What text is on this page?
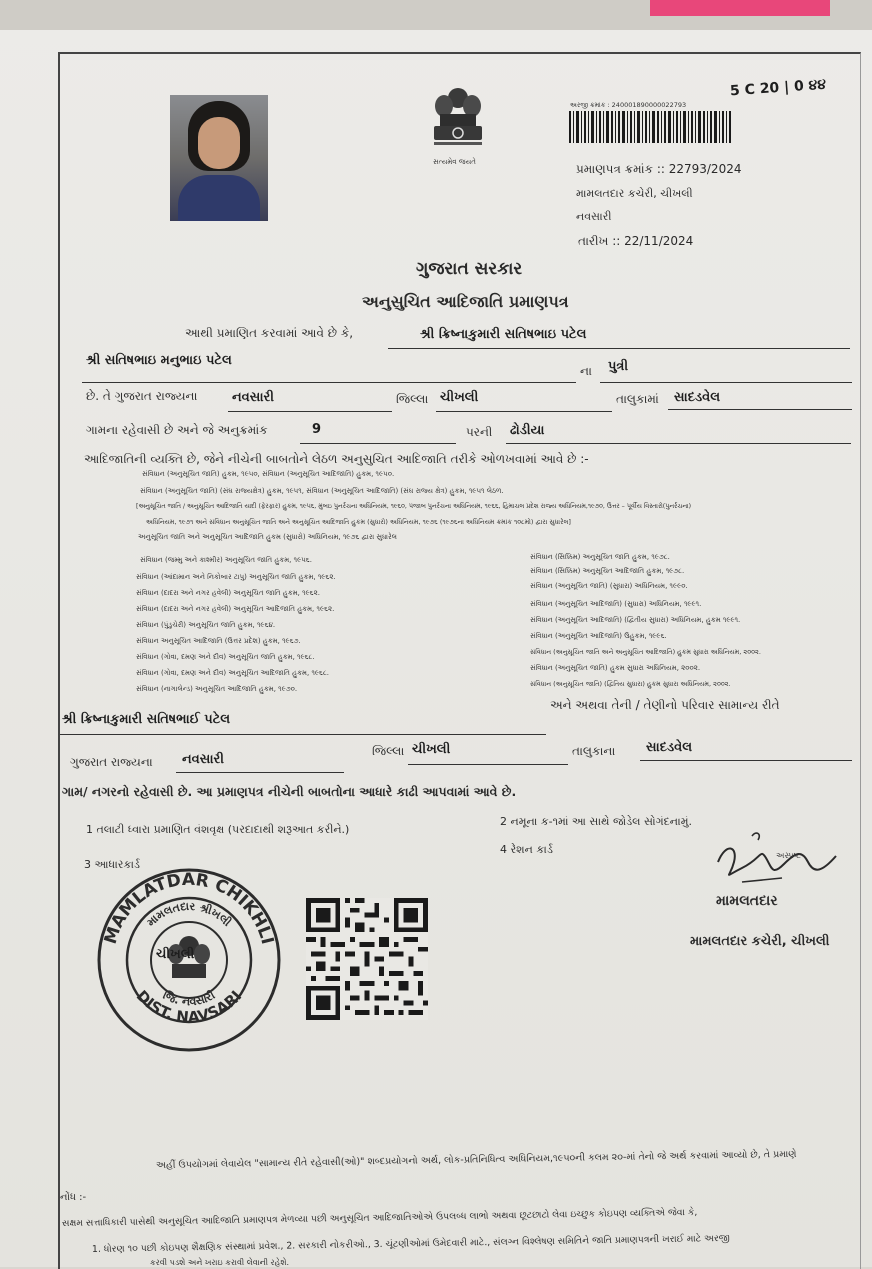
સત્યમેવ જયતે
અરજી ક્રમાંક : 240001890000022793
5 C 20 | 0 ૪૪
પ્રમાણપત્ર ક્રમાંક :: 22793/2024
મામલતદાર કચેરી, ચીખલી
નવસારી
તારીખ :: 22/11/2024
ગુજરાત સરકાર
અનુસુચિત આદિજાતિ પ્રમાણપત્ર
આથી પ્રમાણિત કરવામાં આવે છે કે,	શ્રી ક્રિષ્નાકુમારી સતિષભાઇ પટેલ
શ્રી સતિષભાઇ મનુભાઇ પટેલ
ના પુત્રી
છે. તે ગુજરાત રાજ્યના	નવસારી	જિલ્લા ચીખલી	તાલુકામાં સાદડવેલ
ગામના રહેવાસી છે અને જે અનુક્રમાંક	9	પરની ઢોડીયા
આદિજાતિની વ્યક્તિ છે, જેને નીચેની બાબતોને લેઠળ અનુસુચિત આદિજાતિ તરીકે ઓળખવામાં આવે છે :-
સંવિધાન (અનુસૂચિત જાતિ) હુકમ, ૧૯૫૦, સંવિધાન (અનુસૂચિત આદિજાતિ) હુકમ, ૧૯૫૦.
સંવિધાન (અનુસૂચિત જાતિ) (સંઘ રાજ્યક્ષેત્ર) હુકમ, ૧૯૫૧, સંવિધાન (અનુસૂચિત આદિજાતિ) (સંઘ રાજ્ય ક્ષેત્ર) હુકમ, ૧૯૫૧ લેઠળ.
[અનુસૂચિત જાતિ / અનુસૂચિત આદિજાતિ યાદી (ફેરફાર) હુકમ, ૧૯૫૬, મુંબઇ પુનર્રચના અધિનિયમ, ૧૯૬૦, પંજાબ પુનર્રચના અધિનિયમ, ૧૯૬૬, હિમાચલ પ્રદેશ રાજ્ય અધિનિયમ,૧૯૭૦, ઉત્તર – પૂર્વીય વિસ્તારો(પુનર્રચના)
અધિનિયમ, ૧૯૭૧ અને સંવિધાન અનુસૂચિત જાતિ અને અનુસૂચિત આદિજાતિ હુકમ (સુધારો) અધિનિયમ, ૧૯૭૬ (૧૯૭૬ના અધિનિયમ ક્રમાંક ૧૦૮મો) દ્વારા સુધારેલ]
અનુસૂચિત જાતિ અને અનુસૂચિત આદિજાતિ હુકમ (સુધારો) અધિનિયમ, ૧૯૭૬ દ્વારા સુધારેલ
સંવિધાન (જમ્મુ અને કાશ્મીર) અનુસૂચિત જાતિ હુકમ, ૧૯૫૬.
સંવિધાન (આંદામાન અને નિકોબાર ટાપુ) અનુસૂચિત જાતિ હુકમ, ૧૯૬૨.
સંવિધાન (દાદરા અને નગર હવેલી) અનુસૂચિત જાતિ હુકમ, ૧૯૬૨.
સંવિધાન (દાદરા અને નગર હવેલી) અનુસૂચિત આદિજાતિ હુકમ, ૧૯૬૨.
સંવિધાન (પુંડુચેરી) અનુસૂચિત જાતિ હુકમ, ૧૯૬૪.
સંવિધાન અનુસૂચિત આદિજાતિ (ઉત્તર પ્રદેશ) હુકમ, ૧૯૬૭.
સંવિધાન (ગોવા, દમણ અને દીવ) અનુસૂચિત જાતિ હુકમ, ૧૯૬૮.
સંવિધાન (ગોવા, દમણ અને દીવ) અનુસૂચિત આદિજાતિ હુકમ, ૧૯૬૮.
સંવિધાન (નાગાલેન્ડ) અનુસૂચિત આદિજાતિ હુકમ, ૧૯૭૦.
સંવિધાન (સિક્કિમ) અનુસૂચિત જાતિ હુકમ, ૧૯૭૮.
સંવિધાન (સિક્કિમ) અનુસૂચિત આદિજાતિ હુકમ, ૧૯૭૮.
સંવિધાન (અનુસૂચિત જાતિ) (સુધારા) અધિનિયમ, ૧૯૯૦.
સંવિધાન (અનુસૂચિત આદિજાતિ) (સુધારા) અધિનિયમ, ૧૯૯૧.
સંવિધાન (અનુસૂચિત આદિજાતિ) (દ્વિતીય સુધારા) અધિનિયમ, હુકમ ૧૯૯૧.
સંવિધાન (અનુસૂચિત આદિજાતિ) ઉહુકમ, ૧૯૯૬.
સંવિધાન (અનુસૂચિત જાતિ અને અનુસૂચિત આદિજાતિ) હુકમ સુધારા અધિનિયમ, ૨૦૦૨.
સંવિધાન (અનુસૂચિત જાતિ) હુકમ સુધારા અધિનિયમ, ૨૦૦૨.
સંવિધાન (અનુસૂચિત જાતિ) (દ્વિતિય સુધારા) હુકમ સુધારા અધિનિયમ, ૨૦૦૨.
શ્રી ક્રિષ્નાકુમારી સતિષભાઈ પટેલ
અને અથવા તેની / તેણીનો પરિવાર સામાન્ય રીતે
ગુજરાત રાજ્યના નવસારી
જિલ્લા ચીખલી	તાલુકાના સાદડવેલ
ગામ/ નગરનો રહેવાસી છે. આ પ્રમાણપત્ર નીચેની બાબતોના આધારે કાઢી આપવામાં આવે છે.
1 તલાટી ધ્વારા પ્રમાણિત વંશવૃક્ષ (પરદાદાથી શરૂઆત કરીને.)
2 નમૂના ક-૧માં આ સાથે જોડેલ સોગંદનામું.
3 આધારકાર્ડ
4 રેશન કાર્ડ
MAMLATDAR CHIKHLI
DIST. NAVSARI
મામલતદાર શ્રીખલી
જિ. નવસારી
ચીખલી
અસ્પષ્ટ
મામલતદાર
મામલતદાર કચેરી, ચીખલી
અહીં ઉપયોગમાં લેવાયેલ "સામાન્ય રીતે રહેવાસી(ઓ)" શબ્દપ્રયોગનો અર્થ, લોક-પ્રતિનિધિત્વ અધિનિયમ,૧૯૫૦ની કલમ ૨૦-માં તેનો જે અર્થ કરવામાં આવ્યો છે, તે પ્રમાણે
નોંધ :-
સક્ષમ સત્તાધિકારી પાસેથી અનુસૂચિત આદિજાતિ પ્રમાણપત્ર મેળવ્યા પછી અનુસૂચિત આદિજાતિઓએ ઉપલબ્ધ લાભો અથવા છૂટછાટો લેવા ઇચ્છુક કોઇપણ વ્યક્તિએ જેવા કે,
1. ધોરણ ૧૦ પછી કોઇપણ શૈક્ષણિક સંસ્થામાં પ્રવેશ., 2. સરકારી નોકરીઓ., 3. ચૂંટણીઓમાં ઉમેદવારી માટે., સંલગ્ન વિશ્લેષણ સમિતિને જાતિ પ્રમાણપત્રની ખરાઈ માટે અરજી
કરવી પડશે અને ખરાઇ કરાવી લેવાની રહેશે.
